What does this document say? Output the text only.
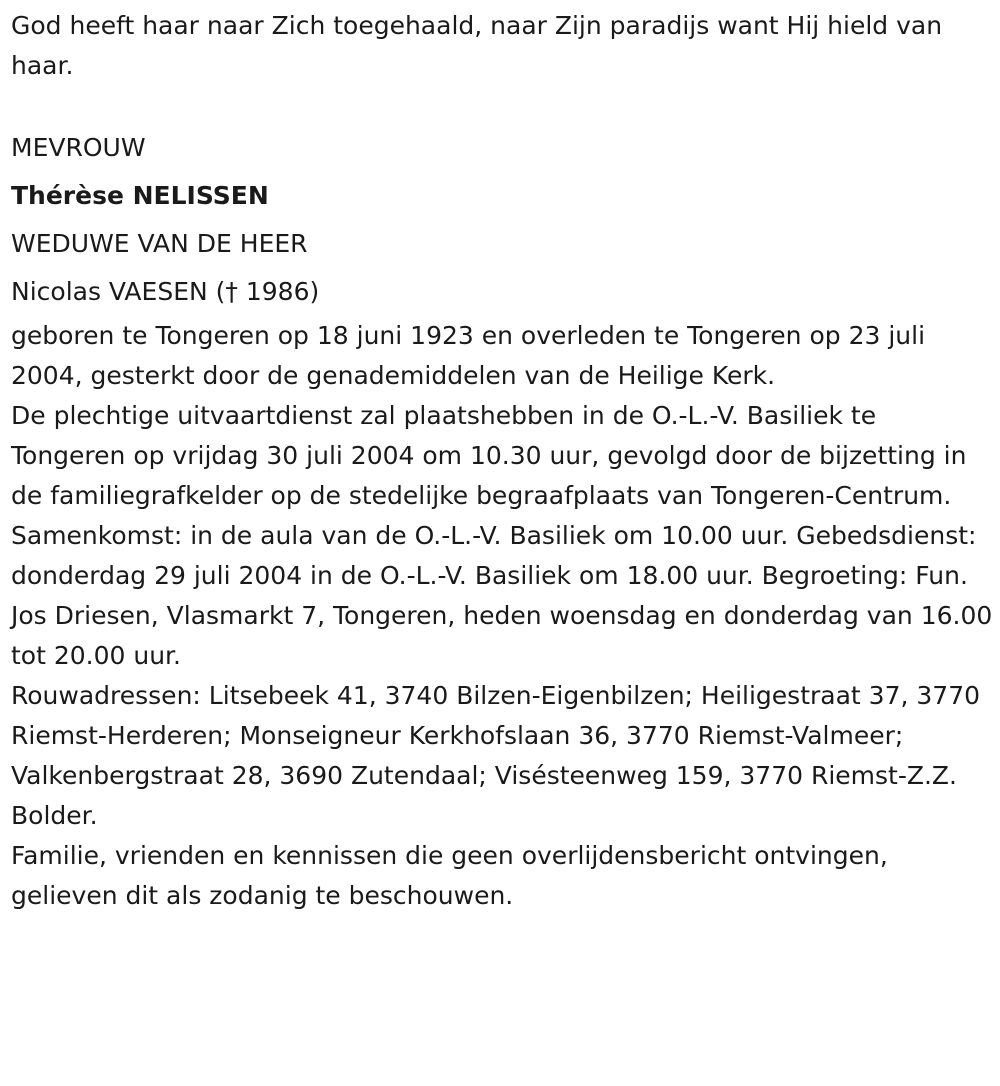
God heeft haar naar Zich toegehaald, naar Zijn paradijs want Hij hield van haar.

MEVROUW

Thérèse NELISSEN

WEDUWE VAN DE HEER

Nicolas VAESEN († 1986)

geboren te Tongeren op 18 juni 1923 en overleden te Tongeren op 23 juli 2004, gesterkt door de genademiddelen van de Heilige Kerk.

De plechtige uitvaartdienst zal plaatshebben in de O.-L.-V. Basiliek te Tongeren op vrijdag 30 juli 2004 om 10.30 uur, gevolgd door de bijzetting in de familiegrafkelder op de stedelijke begraafplaats van Tongeren-Centrum. Samenkomst: in de aula van de O.-L.-V. Basiliek om 10.00 uur. Gebedsdienst: donderdag 29 juli 2004 in de O.-L.-V. Basiliek om 18.00 uur. Begroeting: Fun. Jos Driesen, Vlasmarkt 7, Tongeren, heden woensdag en donderdag van 16.00 tot 20.00 uur.

Rouwadressen: Litsebeek 41, 3740 Bilzen-Eigenbilzen; Heiligestraat 37, 3770 Riemst-Herderen; Monseigneur Kerkhofslaan 36, 3770 Riemst-Valmeer; Valkenbergstraat 28, 3690 Zutendaal; Visésteenweg 159, 3770 Riemst-Z.Z. Bolder.

Familie, vrienden en kennissen die geen overlijdensbericht ontvingen, gelieven dit als zodanig te beschouwen.
